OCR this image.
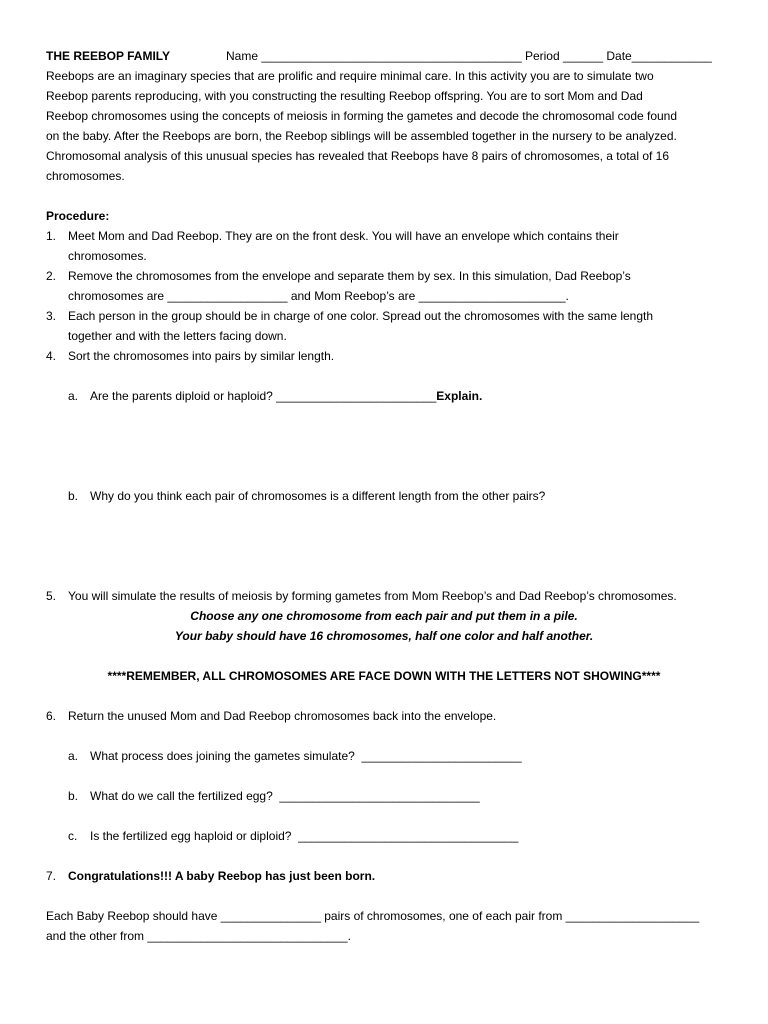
THE REEBOP FAMILY	Name _______________________________________ Period ______ Date____________
Reebops are an imaginary species that are prolific and require minimal care. In this activity you are to simulate two
Reebop parents reproducing, with you constructing the resulting Reebop offspring. You are to sort Mom and Dad
Reebop chromosomes using the concepts of meiosis in forming the gametes and decode the chromosomal code found
on the baby. After the Reebops are born, the Reebop siblings will be assembled together in the nursery to be analyzed.
Chromosomal analysis of this unusual species has revealed that Reebops have 8 pairs of chromosomes, a total of 16
chromosomes.
Procedure:
1. Meet Mom and Dad Reebop. They are on the front desk. You will have an envelope which contains their
chromosomes.
2. Remove the chromosomes from the envelope and separate them by sex. In this simulation, Dad Reebop’s
chromosomes are __________________ and Mom Reebop’s are ______________________.
3. Each person in the group should be in charge of one color. Spread out the chromosomes with the same length
together and with the letters facing down.
4. Sort the chromosomes into pairs by similar length.
a. Are the parents diploid or haploid? ________________________Explain.
b. Why do you think each pair of chromosomes is a different length from the other pairs?
5. You will simulate the results of meiosis by forming gametes from Mom Reebop’s and Dad Reebop’s chromosomes.
Choose any one chromosome from each pair and put them in a pile.
Your baby should have 16 chromosomes, half one color and half another.
****REMEMBER, ALL CHROMOSOMES ARE FACE DOWN WITH THE LETTERS NOT SHOWING****
6. Return the unused Mom and Dad Reebop chromosomes back into the envelope.
a. What process does joining the gametes simulate?  ________________________
b. What do we call the fertilized egg?  ______________________________
c. Is the fertilized egg haploid or diploid?  _________________________________
7. Congratulations!!! A baby Reebop has just been born.
Each Baby Reebop should have _______________ pairs of chromosomes, one of each pair from ____________________
and the other from ______________________________.
